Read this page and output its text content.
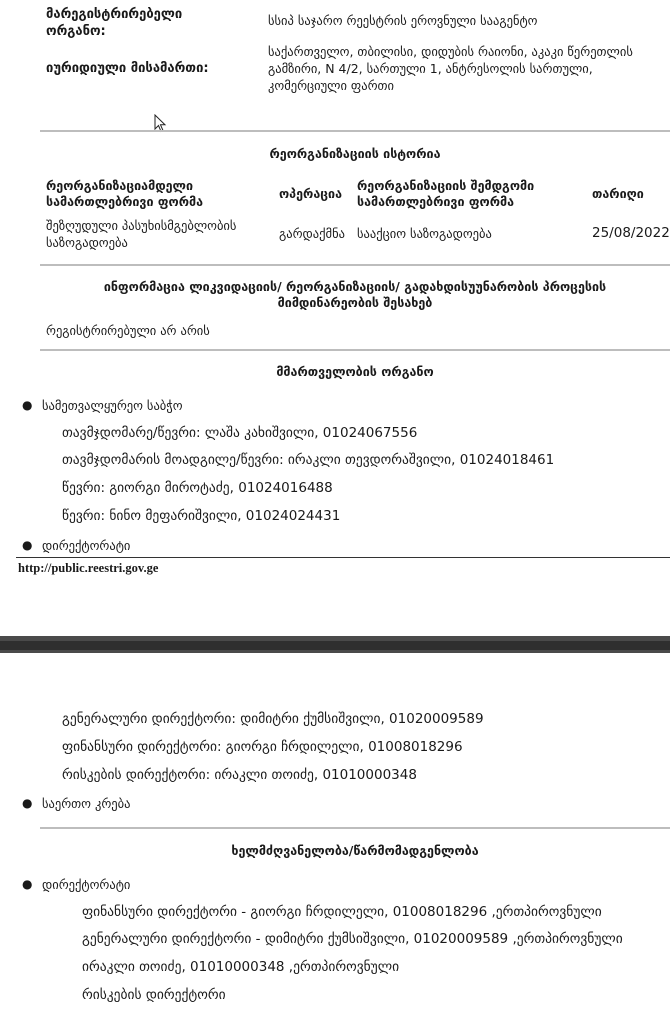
მარეგისტრირებელი
ორგანო:
სსიპ საჯარო რეესტრის ეროვნული სააგენტო
იურიდიული მისამართი:
საქართველო, თბილისი, დიდუბის რაიონი, აკაკი წერეთლის
გამზირი, N 4/2, სართული 1, ანტრესოლის სართული,
კომერციული ფართი
რეორგანიზაციის ისტორია
რეორგანიზაციამდელი
სამართლებრივი ფორმა
ოპერაცია
რეორგანიზაციის შემდგომი
სამართლებრივი ფორმა
თარიღი
შეზღუდული პასუხისმგებლობის
საზოგადოება
გარდაქმნა სააქციო საზოგადოება	25/08/2022
ინფორმაცია ლიკვიდაციის/ რეორგანიზაციის/ გადახდისუუნარობის პროცესის
მიმდინარეობის შესახებ
რეგისტრირებული არ არის
მმართველობის ორგანო
● სამეთვალყურეო საბჭო
თავმჯდომარე/წევრი: ლაშა კახიშვილი, 01024067556
თავმჯდომარის მოადგილე/წევრი: ირაკლი თევდორაშვილი, 01024018461
წევრი: გიორგი მიროტაძე, 01024016488
წევრი: ნინო მეფარიშვილი, 01024024431
● დირექტორატი
http://public.reestri.gov.ge
გენერალური დირექტორი: დიმიტრი ქუმსიშვილი, 01020009589
ფინანსური დირექტორი: გიორგი ჩრდილელი, 01008018296
რისკების დირექტორი: ირაკლი თოიძე, 01010000348
● საერთო კრება
ხელმძღვანელობა/წარმომადგენლობა
● დირექტორატი
ფინანსური დირექტორი - გიორგი ჩრდილელი, 01008018296 ,ერთპიროვნული
გენერალური დირექტორი - დიმიტრი ქუმსიშვილი, 01020009589 ,ერთპიროვნული
ირაკლი თოიძე, 01010000348 ,ერთპიროვნული
რისკების დირექტორი
